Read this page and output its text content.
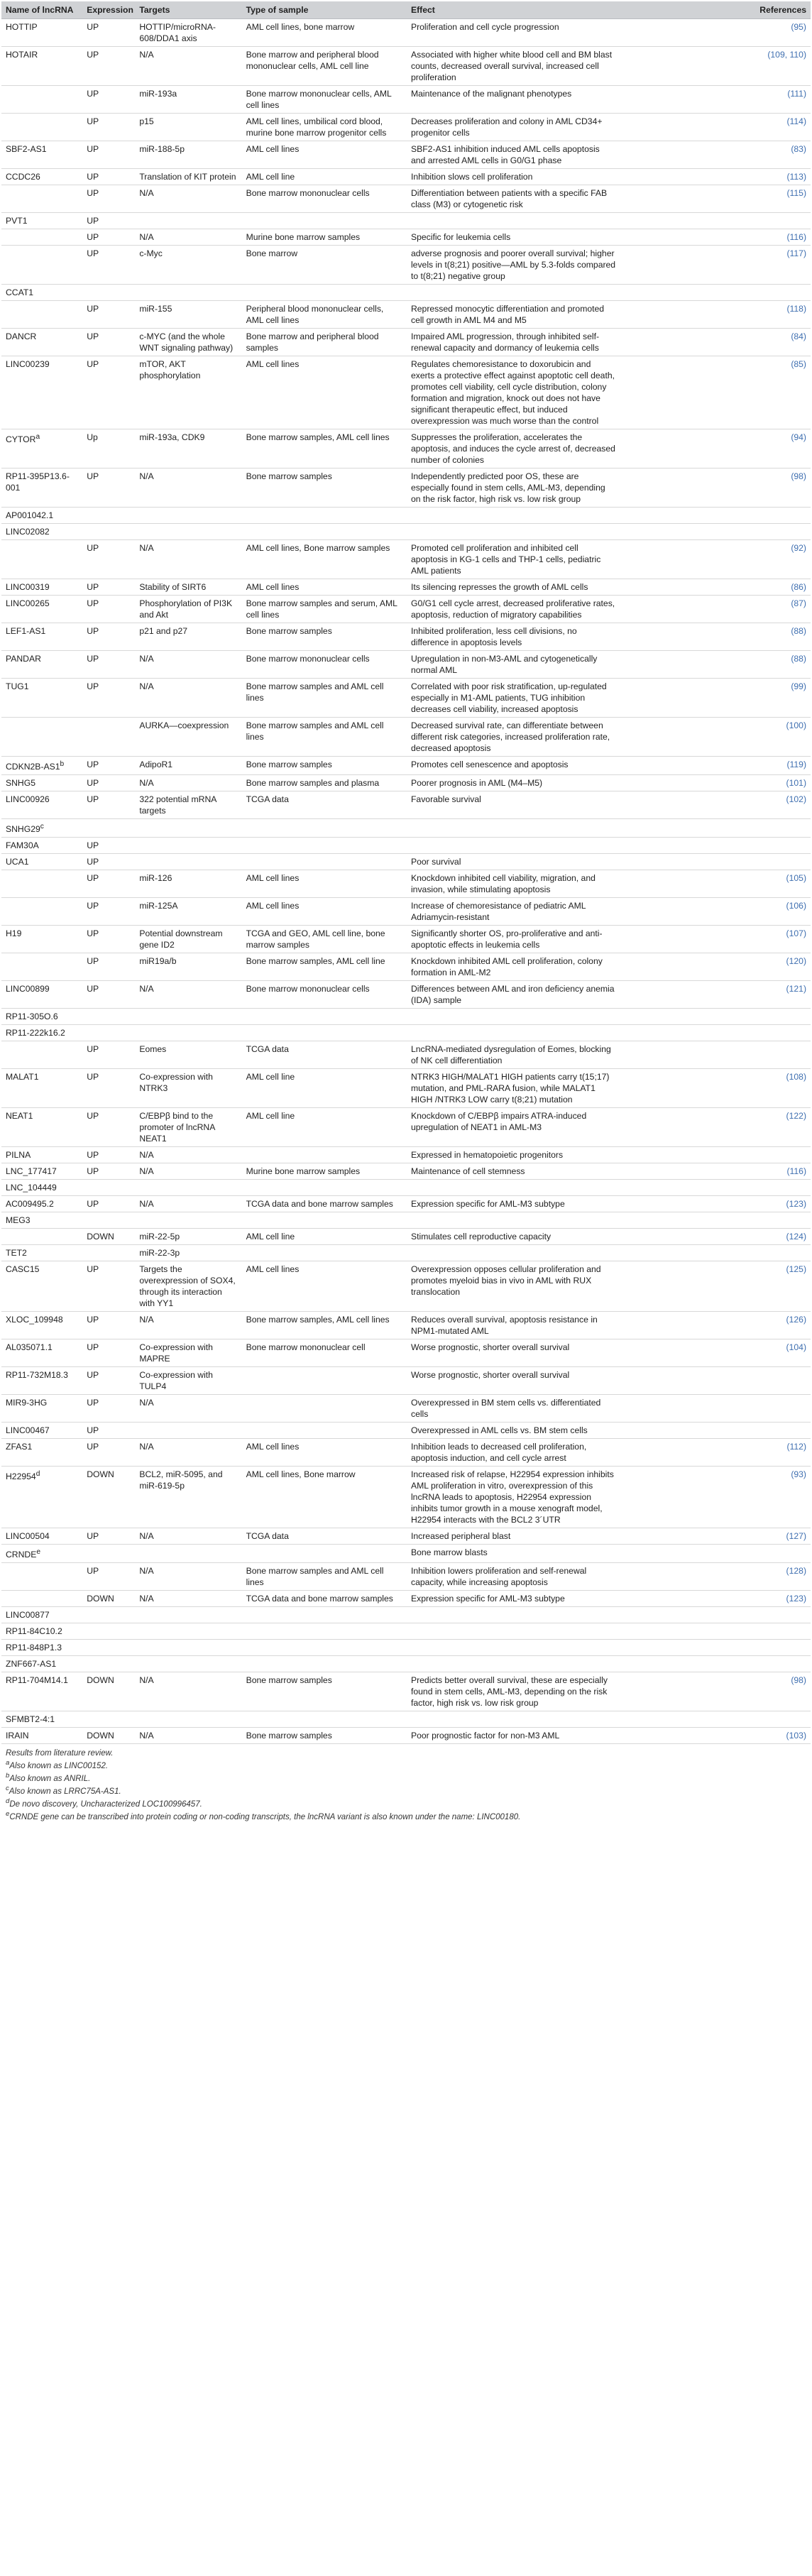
Name of lncRNA	Expression	Targets	Type of sample	Effect	References
HOTTIP	UP	HOTTIP/microRNA-608/DDA1 axis	AML cell lines, bone marrow	Proliferation and cell cycle progression	(95)
HOTAIR	UP	N/A	Bone marrow and peripheral blood mononuclear cells, AML cell line	Associated with higher white blood cell and BM blast counts, decreased overall survival, increased cell proliferation	(109, 110)
	UP	miR-193a	Bone marrow mononuclear cells, AML cell lines	Maintenance of the malignant phenotypes	(111)
	UP	p15	AML cell lines, umbilical cord blood, murine bone marrow progenitor cells	Decreases proliferation and colony in AML CD34+ progenitor cells	(114)
SBF2-AS1	UP	miR-188-5p	AML cell lines	SBF2-AS1 inhibition induced AML cells apoptosis and arrested AML cells in G0/G1 phase	(83)
CCDC26	UP	Translation of KIT protein	AML cell line	Inhibition slows cell proliferation	(113)
	UP	N/A	Bone marrow mononuclear cells	Differentiation between patients with a specific FAB class (M3) or cytogenetic risk	(115)
PVT1	UP				
	UP	N/A	Murine bone marrow samples	Specific for leukemia cells	(116)
	UP	c-Myc	Bone marrow	adverse prognosis and poorer overall survival; higher levels in t(8;21) positive—AML by 5.3-folds compared to t(8;21) negative group	(117)
CCAT1					
	UP	miR-155	Peripheral blood mononuclear cells, AML cell lines	Repressed monocytic differentiation and promoted cell growth in AML M4 and M5	(118)
DANCR	UP	c-MYC (and the whole WNT signaling pathway)	Bone marrow and peripheral blood samples	Impaired AML progression, through inhibited self-renewal capacity and dormancy of leukemia cells	(84)
LINC00239	UP	mTOR, AKT phosphorylation	AML cell lines	Regulates chemoresistance to doxorubicin and exerts a protective effect against apoptotic cell death, promotes cell viability, cell cycle distribution, colony formation and migration, knock out does not have significant therapeutic effect, but induced overexpression was much worse than the control	(85)
CYTOR$^a$	Up	miR-193a, CDK9	Bone marrow samples, AML cell lines	Suppresses the proliferation, accelerates the apoptosis, and induces the cycle arrest of, decreased number of colonies	(94)
RP11-395P13.6-001	UP	N/A	Bone marrow samples	Independently predicted poor OS, these are especially found in stem cells, AML-M3, depending on the risk factor, high risk vs. low risk group	(98)
AP001042.1					
LINC02082					
	UP	N/A	AML cell lines, Bone marrow samples	Promoted cell proliferation and inhibited cell apoptosis in KG-1 cells and THP-1 cells, pediatric AML patients	(92)
LINC00319	UP	Stability of SIRT6	AML cell lines	Its silencing represses the growth of AML cells	(86)
LINC00265	UP	Phosphorylation of PI3K and Akt	Bone marrow samples and serum, AML cell lines	G0/G1 cell cycle arrest, decreased proliferative rates, apoptosis, reduction of migratory capabilities	(87)
LEF1-AS1	UP	p21 and p27	Bone marrow samples	Inhibited proliferation, less cell divisions, no difference in apoptosis levels	(88)
PANDAR	UP	N/A	Bone marrow mononuclear cells	Upregulation in non-M3-AML and cytogenetically normal AML	(88)
TUG1	UP	N/A	Bone marrow samples and AML cell lines	Correlated with poor risk stratification, up-regulated especially in M1-AML patients, TUG inhibition decreases cell viability, increased apoptosis	(99)
		AURKA—coexpression	Bone marrow samples and AML cell lines	Decreased survival rate, can differentiate between different risk categories, increased proliferation rate, decreased apoptosis	(100)
CDKN2B-AS1$^b$	UP	AdipoR1	Bone marrow samples	Promotes cell senescence and apoptosis	(119)
SNHG5	UP	N/A	Bone marrow samples and plasma	Poorer prognosis in AML (M4–M5)	(101)
LINC00926	UP	322 potential mRNA targets	TCGA data	Favorable survival	(102)
SNHG29$^c$					
FAM30A	UP				
UCA1	UP			Poor survival	
	UP	miR-126	AML cell lines	Knockdown inhibited cell viability, migration, and invasion, while stimulating apoptosis	(105)
	UP	miR-125A	AML cell lines	Increase of chemoresistance of pediatric AML Adriamycin-resistant	(106)
H19	UP	Potential downstream gene ID2	TCGA and GEO, AML cell line, bone marrow samples	Significantly shorter OS, pro-proliferative and anti-apoptotic effects in leukemia cells	(107)
	UP	miR19a/b	Bone marrow samples, AML cell line	Knockdown inhibited AML cell proliferation, colony formation in AML-M2	(120)
LINC00899	UP	N/A	Bone marrow mononuclear cells	Differences between AML and iron deficiency anemia (IDA) sample	(121)
RP11-305O.6					
RP11-222k16.2					
	UP	Eomes	TCGA data	LncRNA-mediated dysregulation of Eomes, blocking of NK cell differentiation	
MALAT1	UP	Co-expression with NTRK3	AML cell line	NTRK3 HIGH/MALAT1 HIGH patients carry t(15;17) mutation, and PML-RARA fusion, while MALAT1 HIGH /NTRK3 LOW carry t(8;21) mutation	(108)
NEAT1	UP	C/EBPβ bind to the promoter of lncRNA NEAT1	AML cell line	Knockdown of C/EBPβ impairs ATRA-induced upregulation of NEAT1 in AML-M3	(122)
PILNA	UP	N/A		Expressed in hematopoietic progenitors	
LNC_177417	UP	N/A	Murine bone marrow samples	Maintenance of cell stemness	(116)
LNC_104449					
AC009495.2	UP	N/A	TCGA data and bone marrow samples	Expression specific for AML-M3 subtype	(123)
MEG3					
	DOWN	miR-22-5p	AML cell line	Stimulates cell reproductive capacity	(124)
TET2		miR-22-3p			
CASC15	UP	Targets the overexpression of SOX4, through its interaction with YY1	AML cell lines	Overexpression opposes cellular proliferation and promotes myeloid bias in vivo in AML with RUX translocation	(125)
XLOC_109948	UP	N/A	Bone marrow samples, AML cell lines	Reduces overall survival, apoptosis resistance in NPM1-mutated AML	(126)
AL035071.1	UP	Co-expression with MAPRE	Bone marrow mononuclear cell	Worse prognostic, shorter overall survival	(104)
RP11-732M18.3	UP	Co-expression with TULP4		Worse prognostic, shorter overall survival	
MIR9-3HG	UP	N/A		Overexpressed in BM stem cells vs. differentiated cells	
LINC00467	UP			Overexpressed in AML cells vs. BM stem cells	
ZFAS1	UP	N/A	AML cell lines	Inhibition leads to decreased cell proliferation, apoptosis induction, and cell cycle arrest	(112)
H22954$^d$	DOWN	BCL2, miR-5095, and miR-619-5p	AML cell lines, Bone marrow	Increased risk of relapse, H22954 expression inhibits AML proliferation in vitro, overexpression of this lncRNA leads to apoptosis, H22954 expression inhibits tumor growth in a mouse xenograft model, H22954 interacts with the BCL2 3´UTR	(93)
LINC00504	UP	N/A	TCGA data	Increased peripheral blast	(127)
CRNDE$^e$				Bone marrow blasts	
	UP	N/A	Bone marrow samples and AML cell lines	Inhibition lowers proliferation and self-renewal capacity, while increasing apoptosis	(128)
	DOWN	N/A	TCGA data and bone marrow samples	Expression specific for AML-M3 subtype	(123)
LINC00877					
RP11-84C10.2					
RP11-848P1.3					
ZNF667-AS1					
RP11-704M14.1	DOWN	N/A	Bone marrow samples	Predicts better overall survival, these are especially found in stem cells, AML-M3, depending on the risk factor, high risk vs. low risk group	(98)
SFMBT2-4:1					
IRAIN	DOWN	N/A	Bone marrow samples	Poor prognostic factor for non-M3 AML	(103)
Results from literature review.
$^a$Also known as LINC00152.
$^b$Also known as ANRIL.
$^c$Also known as LRRC75A-AS1.
$^d$De novo discovery, Uncharacterized LOC100996457.
$^e$CRNDE gene can be transcribed into protein coding or non-coding transcripts, the lncRNA variant is also known under the name: LINC00180.
